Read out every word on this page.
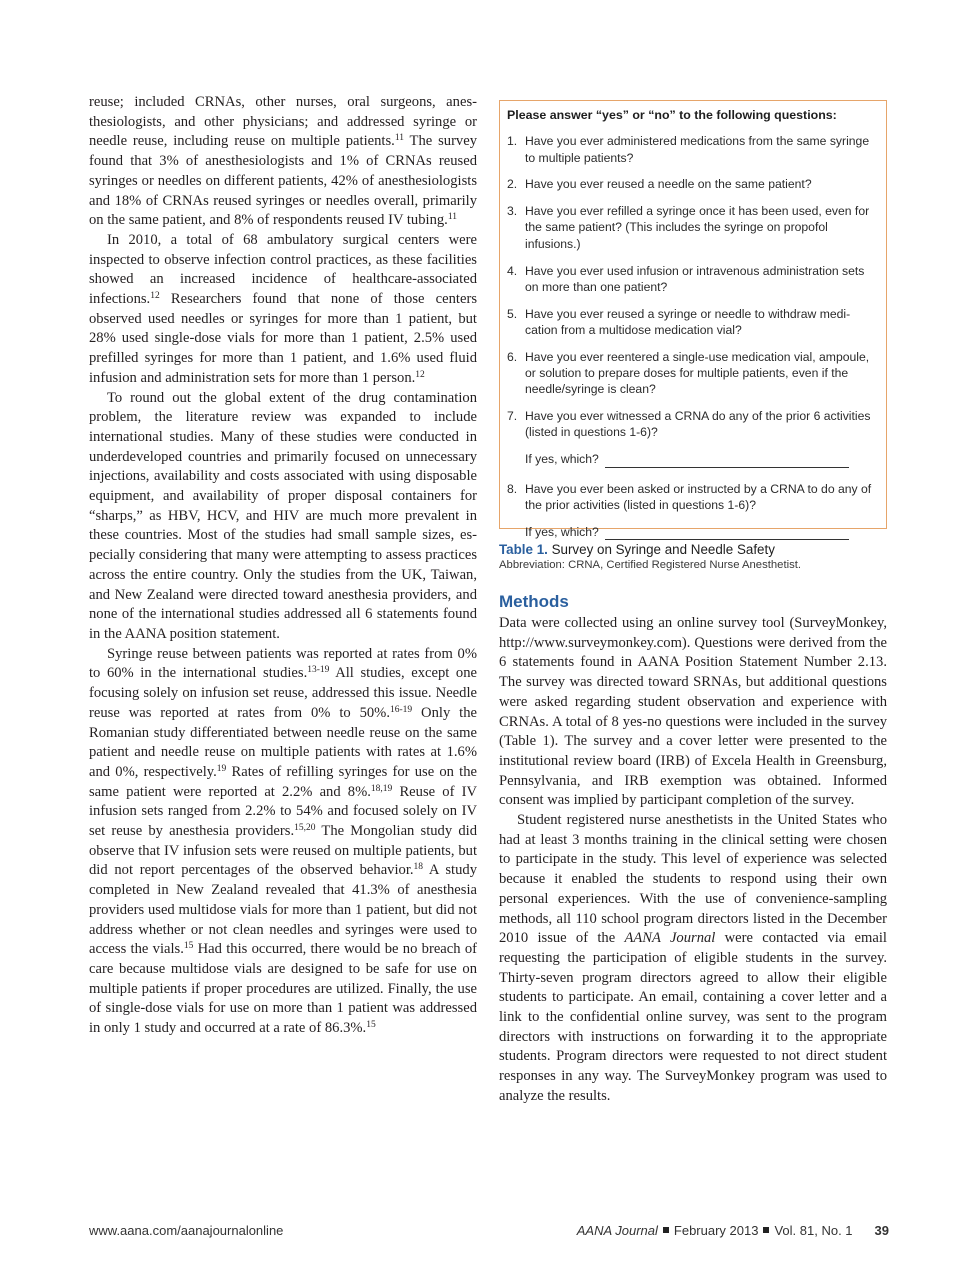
reuse; included CRNAs, other nurses, oral surgeons, anesthesiologists, and other physicians; and addressed syringe or needle reuse, including reuse on multiple patients.$^{11}$ The survey found that 3% of anesthesiologists and 1% of CRNAs reused syringes or needles on different patients, 42% of anesthesiologists and 18% of CRNAs reused syringes or needles overall, primarily on the same patient, and 8% of respondents reused IV tubing.$^{11}$

In 2010, a total of 68 ambulatory surgical centers were inspected to observe infection control practices, as these facilities showed an increased incidence of healthcare-associated infections.$^{12}$ Researchers found that none of those centers observed used needles or syringes for more than 1 patient, but 28% used single-dose vials for more than 1 patient, 2.5% used prefilled syringes for more than 1 patient, and 1.6% used fluid infusion and administration sets for more than 1 person.$^{12}$

To round out the global extent of the drug contamination problem, the literature review was expanded to include international studies. Many of these studies were conducted in underdeveloped countries and primarily focused on unnecessary injections, availability and costs associated with using disposable equipment, and availability of proper disposal containers for “sharps,” as HBV, HCV, and HIV are much more prevalent in these countries. Most of the studies had small sample sizes, especially considering that many were attempting to assess practices across the entire country. Only the studies from the UK, Taiwan, and New Zealand were directed toward anesthesia providers, and none of the international studies addressed all 6 statements found in the AANA position statement.

Syringe reuse between patients was reported at rates from 0% to 60% in the international studies.$^{13-19}$ All studies, except one focusing solely on infusion set reuse, addressed this issue. Needle reuse was reported at rates from 0% to 50%.$^{16-19}$ Only the Romanian study differentiated between needle reuse on the same patient and needle reuse on multiple patients with rates at 1.6% and 0%, respectively.$^{19}$ Rates of refilling syringes for use on the same patient were reported at 2.2% and 8%.$^{18,19}$ Reuse of IV infusion sets ranged from 2.2% to 54% and focused solely on IV set reuse by anesthesia providers.$^{15,20}$ The Mongolian study did observe that IV infusion sets were reused on multiple patients, but did not report percentages of the observed behavior.$^{18}$ A study completed in New Zealand revealed that 41.3% of anesthesia providers used multidose vials for more than 1 patient, but did not address whether or not clean needles and syringes were used to access the vials.$^{15}$ Had this occurred, there would be no breach of care because multidose vials are designed to be safe for use on multiple patients if proper procedures are utilized. Finally, the use of single-dose vials for use on more than 1 patient was addressed in only 1 study and occurred at a rate of 86.3%.$^{15}$

Please answer “yes” or “no” to the following questions:
1. Have you ever administered medications from the same syringe to multiple patients?
2. Have you ever reused a needle on the same patient?
3. Have you ever refilled a syringe once it has been used, even for the same patient? (This includes the syringe on propofol infusions.)
4. Have you ever used infusion or intravenous administration sets on more than one patient?
5. Have you ever reused a syringe or needle to withdraw medication from a multidose medication vial?
6. Have you ever reentered a single-use medication vial, ampoule, or solution to prepare doses for multiple patients, even if the needle/syringe is clean?
7. Have you ever witnessed a CRNA do any of the prior 6 activities (listed in questions 1-6)?
If yes, which?
8. Have you ever been asked or instructed by a CRNA to do any of the prior activities (listed in questions 1-6)?
If yes, which?
Table 1. Survey on Syringe and Needle Safety
Abbreviation: CRNA, Certified Registered Nurse Anesthetist.
Methods

Data were collected using an online survey tool (SurveyMonkey, http://www.surveymonkey.com). Questions were derived from the 6 statements found in AANA Position Statement Number 2.13. The survey was directed toward SRNAs, but additional questions were asked regarding student observation and experience with CRNAs. A total of 8 yes-no questions were included in the survey (Table 1). The survey and a cover letter were presented to the institutional review board (IRB) of Excela Health in Greensburg, Pennsylvania, and IRB exemption was obtained. Informed consent was implied by participant completion of the survey.

Student registered nurse anesthetists in the United States who had at least 3 months training in the clinical setting were chosen to participate in the study. This level of experience was selected because it enabled the students to respond using their own personal experiences. With the use of convenience-sampling methods, all 110 school program directors listed in the December 2010 issue of the AANA Journal were contacted via email requesting the participation of eligible students in the survey. Thirty-seven program directors agreed to allow their eligible students to participate. An email, containing a cover letter and a link to the confidential online survey, was sent to the program directors with instructions on forwarding it to the appropriate students. Program directors were requested to not direct student responses in any way. The SurveyMonkey program was used to analyze the results.

www.aana.com/aanajournalonline	AANA Journal February 2013 Vol. 81, No. 1 39
